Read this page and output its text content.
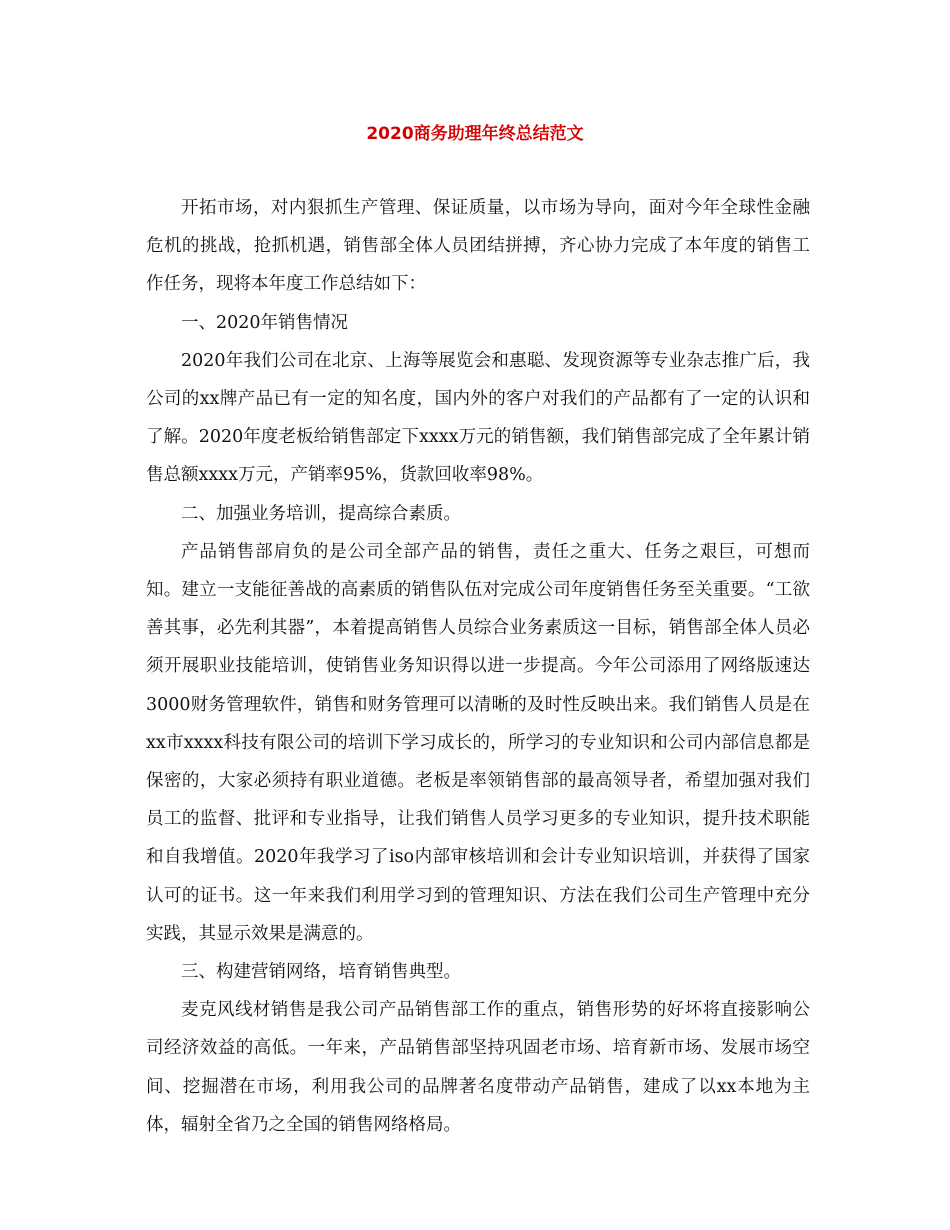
2020商务助理年终总结范文

开拓市场，对内狠抓生产管理、保证质量，以市场为导向，面对今年全球性金融危机的挑战，抢抓机遇，销售部全体人员团结拼搏，齐心协力完成了本年度的销售工作任务，现将本年度工作总结如下：

一、2020年销售情况

2020年我们公司在北京、上海等展览会和惠聪、发现资源等专业杂志推广后，我公司的xx牌产品已有一定的知名度，国内外的客户对我们的产品都有了一定的认识和了解。2020年度老板给销售部定下xxxx万元的销售额，我们销售部完成了全年累计销售总额xxxx万元，产销率95%，货款回收率98%。

二、加强业务培训，提高综合素质。

产品销售部肩负的是公司全部产品的销售，责任之重大、任务之艰巨，可想而知。建立一支能征善战的高素质的销售队伍对完成公司年度销售任务至关重要。“工欲善其事，必先利其器”，本着提高销售人员综合业务素质这一目标，销售部全体人员必须开展职业技能培训，使销售业务知识得以进一步提高。今年公司添用了网络版速达3000财务管理软件，销售和财务管理可以清晰的及时性反映出来。我们销售人员是在xx市xxxx科技有限公司的培训下学习成长的，所学习的专业知识和公司内部信息都是保密的，大家必须持有职业道德。老板是率领销售部的最高领导者，希望加强对我们员工的监督、批评和专业指导，让我们销售人员学习更多的专业知识，提升技术职能和自我增值。2020年我学习了iso内部审核培训和会计专业知识培训，并获得了国家认可的证书。这一年来我们利用学习到的管理知识、方法在我们公司生产管理中充分实践，其显示效果是满意的。

三、构建营销网络，培育销售典型。

麦克风线材销售是我公司产品销售部工作的重点，销售形势的好坏将直接影响公司经济效益的高低。一年来，产品销售部坚持巩固老市场、培育新市场、发展市场空间、挖掘潜在市场，利用我公司的品牌著名度带动产品销售，建成了以xx本地为主体，辐射全省乃之全国的销售网络格局。
